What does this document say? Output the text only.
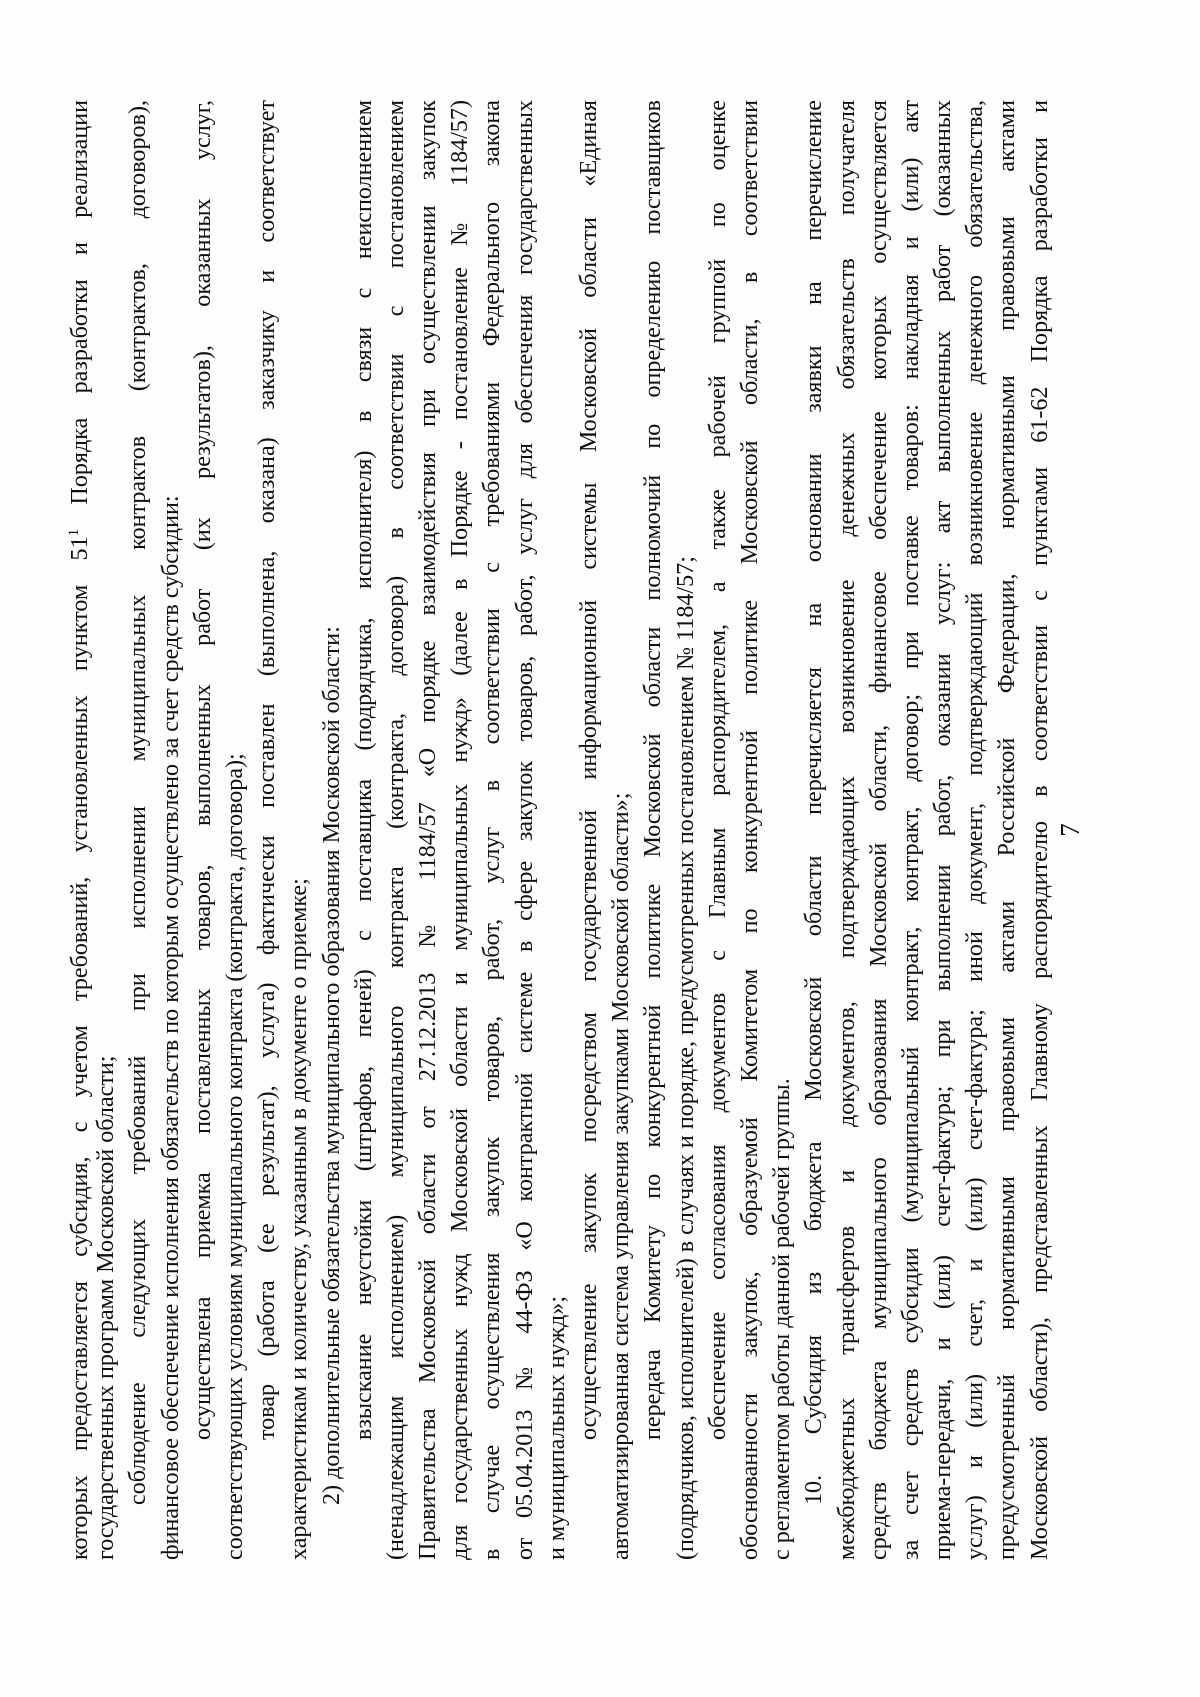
которых предоставляется субсидия, с учетом требований, установленных пунктом $51^1$ Порядка разработки и реализации
государственных программ Московской области; соблюдение следующих требований при исполнении муниципальных контрактов (контрактов, договоров), финансовое обеспечение исполнения обязательств по которым осуществлено за счет средств субсидии: осуществлена приемка поставленных товаров, выполненных работ (их результатов), оказанных услуг, соответствующих условиям муниципального контракта (контракта, договора); товар (работа (ее результат), услуга) фактически поставлен (выполнена, оказана) заказчику и соответствует характеристикам и количеству, указанным в документе о приемке; 2) дополнительные обязательства муниципального образования Московской области: взыскание неустойки (штрафов, пеней) с поставщика (подрядчика, исполнителя) в связи с неисполнением (ненадлежащим исполнением) муниципального контракта (контракта, договора) в соответствии с постановлением Правительства Московской области от 27.12.2013 № 1184/57 «О порядке взаимодействия при осуществлении закупок для государственных нужд Московской области и муниципальных нужд» (далее в Порядке - постановление № 1184/57) в случае осуществления закупок товаров, работ, услуг в соответствии с требованиями Федерального закона от 05.04.2013 № 44-ФЗ «О контрактной системе в сфере закупок товаров, работ, услуг для обеспечения государственных и муниципальных нужд»; осуществление закупок посредством государственной информационной системы Московской области «Единая автоматизированная система управления закупками Московской области»; передача Комитету по конкурентной политике Московской области полномочий по определению поставщиков (подрядчиков, исполнителей) в случаях и порядке, предусмотренных постановлением № 1184/57; обеспечение согласования документов с Главным распорядителем, а также рабочей группой по оценке обоснованности закупок, образуемой Комитетом по конкурентной политике Московской области, в соответствии с регламентом работы данной рабочей группы. 10. Субсидия из бюджета Московской области перечисляется на основании заявки на перечисление межбюджетных трансфертов и документов, подтверждающих возникновение денежных обязательств получателя средств бюджета муниципального образования Московской области, финансовое обеспечение которых осуществляется за счет средств субсидии (муниципальный контракт, контракт, договор; при поставке товаров: накладная и (или) акт приема-передачи, и (или) счет-фактура; при выполнении работ, оказании услуг: акт выполненных работ (оказанных услуг) и (или) счет, и (или) счет-фактура; иной документ, подтверждающий возникновение денежного обязательства, предусмотренный нормативными правовыми актами Российской Федерации, нормативными правовыми актами Московской области), представленных Главному распорядителю в соответствии с пунктами 61-62 Порядка разработки и 7
